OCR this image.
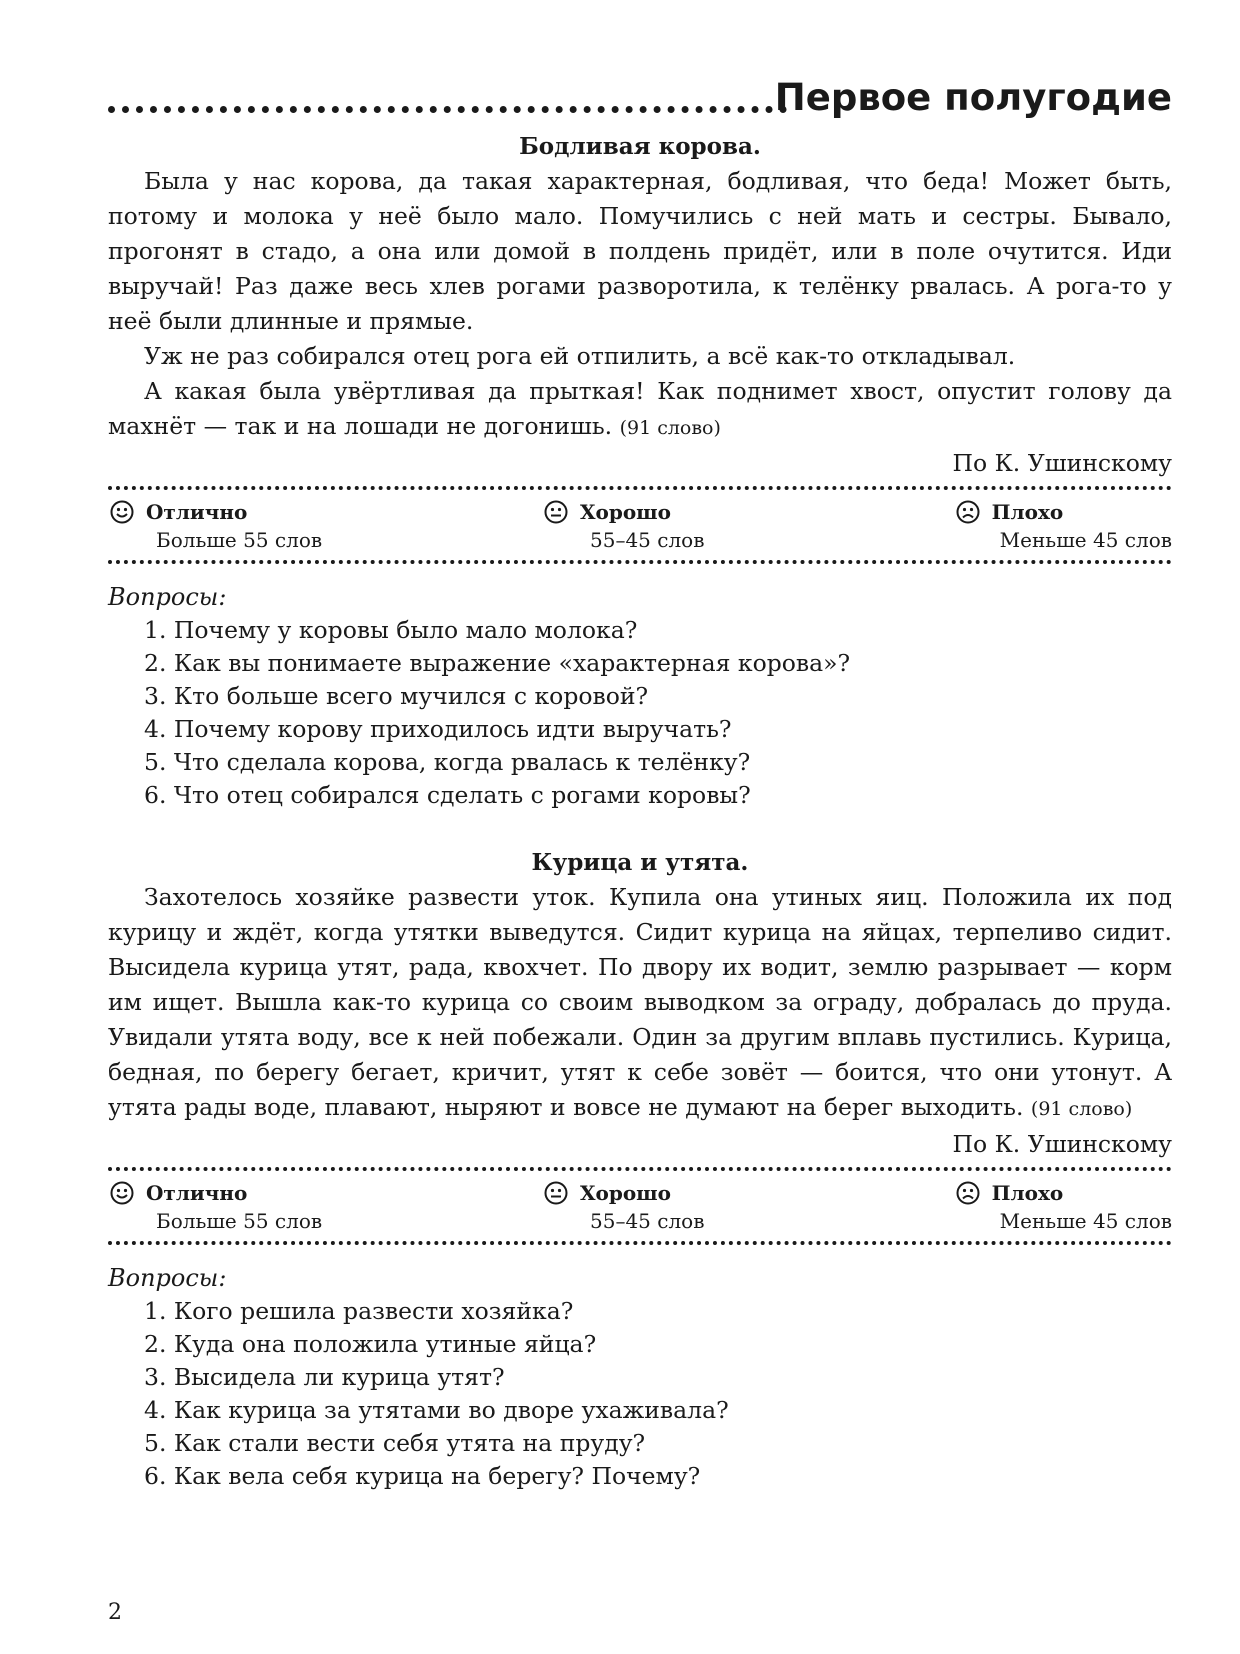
Первое полугодие
Бодливая корова.

Была у нас корова, да такая характерная, бодливая, что беда! Может быть, потому и молока у неё было мало. Помучились с ней мать и сестры. Бывало, прогонят в стадо, а она или домой в полдень придёт, или в поле очутится. Иди выручай! Раз даже весь хлев рогами разворотила, к телёнку рвалась. А рога-то у неё были длинные и прямые.

Уж не раз собирался отец рога ей отпилить, а всё как-то откладывал.

А какая была увёртливая да прыткая! Как поднимет хвост, опустит голову да махнёт — так и на лошади не догонишь. (91 слово)

По К. Ушинскому

Отлично
Больше 55 слов
Хорошо
55–45 слов
Плохо
Меньше 45 слов
Вопросы:
1. Почему у коровы было мало молока?
2. Как вы понимаете выражение «характерная корова»?
3. Кто больше всего мучился с коровой?
4. Почему корову приходилось идти выручать?
5. Что сделала корова, когда рвалась к телёнку?
6. Что отец собирался сделать с рогами коровы?
Курица и утята.

Захотелось хозяйке развести уток. Купила она утиных яиц. Положила их под курицу и ждёт, когда утятки выведутся. Сидит курица на яйцах, терпеливо сидит. Высидела курица утят, рада, квохчет. По двору их водит, землю разрывает — корм им ищет. Вышла как-то курица со своим выводком за ограду, добралась до пруда. Увидали утята воду, все к ней побежали. Один за другим вплавь пустились. Курица, бедная, по берегу бегает, кричит, утят к себе зовёт — боится, что они утонут. А утята рады воде, плавают, ныряют и вовсе не думают на берег выходить. (91 слово)

По К. Ушинскому

Отлично
Больше 55 слов
Хорошо
55–45 слов
Плохо
Меньше 45 слов
Вопросы:
1. Кого решила развести хозяйка?
2. Куда она положила утиные яйца?
3. Высидела ли курица утят?
4. Как курица за утятами во дворе ухаживала?
5. Как стали вести себя утята на пруду?
6. Как вела себя курица на берегу? Почему?
2
